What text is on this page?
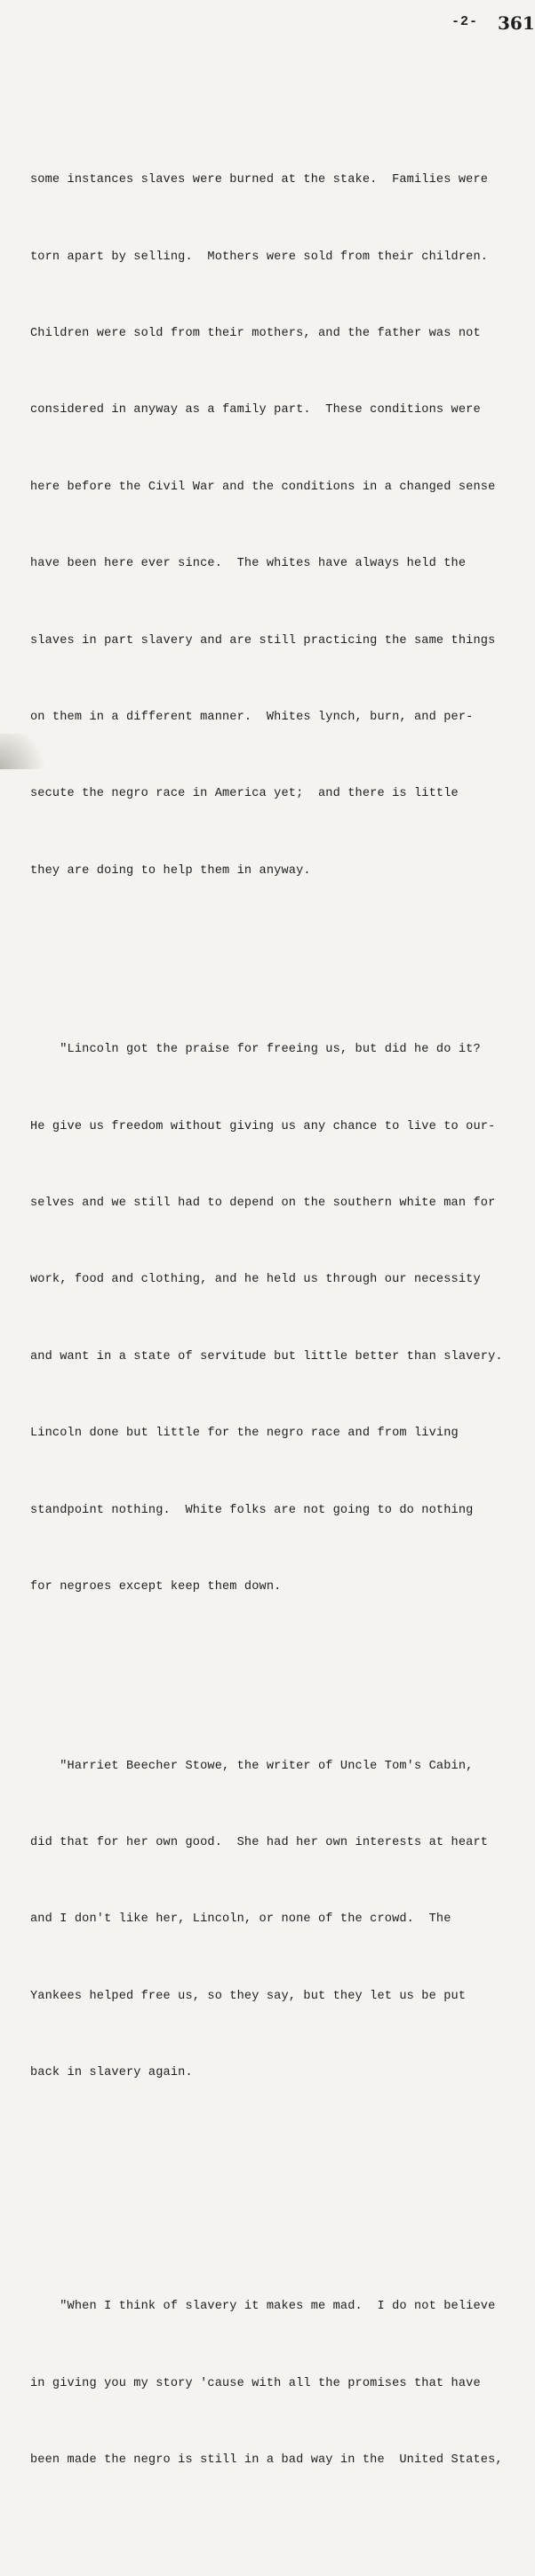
-2- 361

some instances slaves were burned at the stake.  Families were

torn apart by selling.  Mothers were sold from their children.

Children were sold from their mothers, and the father was not

considered in anyway as a family part.  These conditions were

here before the Civil War and the conditions in a changed sense

have been here ever since.  The whites have always held the

slaves in part slavery and are still practicing the same things

on them in a different manner.  Whites lynch, burn, and per-

secute the negro race in America yet;  and there is little

they are doing to help them in anyway.

"Lincoln got the praise for freeing us, but did he do it?

He give us freedom without giving us any chance to live to our-

selves and we still had to depend on the southern white man for

work, food and clothing, and he held us through our necessity

and want in a state of servitude but little better than slavery.

Lincoln done but little for the negro race and from living

standpoint nothing.  White folks are not going to do nothing

for negroes except keep them down.

"Harriet Beecher Stowe, the writer of Uncle Tom's Cabin,

did that for her own good.  She had her own interests at heart

and I don't like her, Lincoln, or none of the crowd.  The

Yankees helped free us, so they say, but they let us be put

back in slavery again.

"When I think of slavery it makes me mad.  I do not believe

in giving you my story 'cause with all the promises that have

been made the negro is still in a bad way in the  United States,
